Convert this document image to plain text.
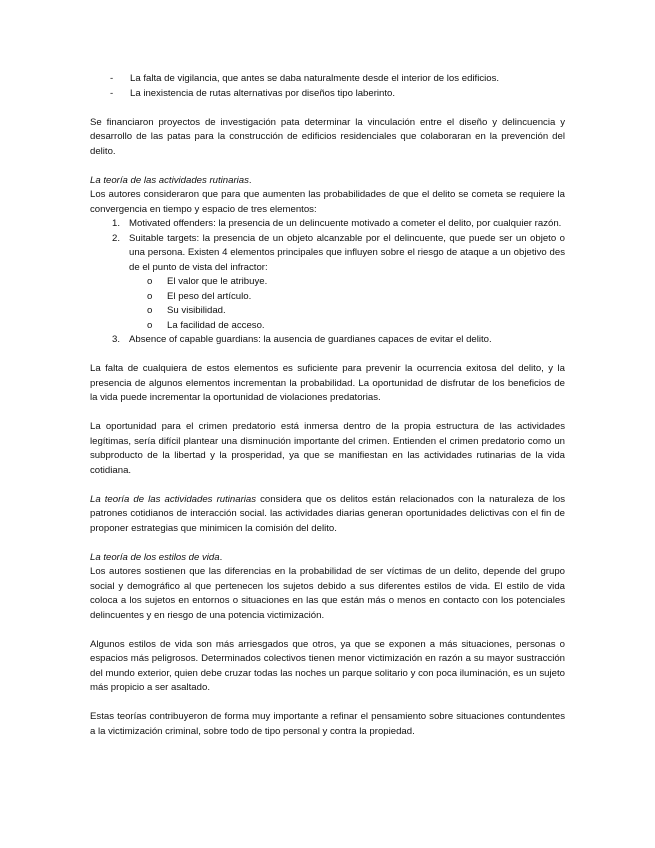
- La falta de vigilancia, que antes se daba naturalmente desde el interior de los edificios.
- La inexistencia de rutas alternativas por diseños tipo laberinto.

Se financiaron proyectos de investigación pata determinar la vinculación entre el diseño y delincuencia y desarrollo de las patas para la construcción de edificios residenciales que colaboraran en la prevención del delito.

La teoría de las actividades rutinarias.

Los autores consideraron que para que aumenten las probabilidades de que el delito se cometa se requiere la convergencia en tiempo y espacio de tres elementos:

1. Motivated offenders: la presencia de un delincuente motivado a cometer el delito, por cualquier razón.
2. Suitable targets: la presencia de un objeto alcanzable por el delincuente, que puede ser un objeto o una persona. Existen 4 elementos principales que influyen sobre el riesgo de ataque a un objetivo des de el punto de vista del infractor:
o El valor que le atribuye.
o El peso del artículo.
o Su visibilidad.
o La facilidad de acceso.
3. Absence of capable guardians: la ausencia de guardianes capaces de evitar el delito.

La falta de cualquiera de estos elementos es suficiente para prevenir la ocurrencia exitosa del delito, y la presencia de algunos elementos incrementan la probabilidad. La oportunidad de disfrutar de los beneficios de la vida puede incrementar la oportunidad de violaciones predatorias.

La oportunidad para el crimen predatorio está inmersa dentro de la propia estructura de las actividades legítimas, sería difícil plantear una disminución importante del crimen. Entienden el crimen predatorio como un subproducto de la libertad y la prosperidad, ya que se manifiestan en las actividades rutinarias de la vida cotidiana.

La teoría de las actividades rutinarias considera que os delitos están relacionados con la naturaleza de los patrones cotidianos de interacción social. las actividades diarias generan oportunidades delictivas con el fin de proponer estrategias que minimicen la comisión del delito.

La teoría de los estilos de vida.

Los autores sostienen que las diferencias en la probabilidad de ser víctimas de un delito, depende del grupo social y demográfico al que pertenecen los sujetos debido a sus diferentes estilos de vida. El estilo de vida coloca a los sujetos en entornos o situaciones en las que están más o menos en contacto con los potenciales delincuentes y en riesgo de una potencia victimización.

Algunos estilos de vida son más arriesgados que otros, ya que se exponen a más situaciones, personas o espacios más peligrosos. Determinados colectivos tienen menor victimización en razón a su mayor sustracción del mundo exterior, quien debe cruzar todas las noches un parque solitario y con poca iluminación, es un sujeto más propicio a ser asaltado.

Estas teorías contribuyeron de forma muy importante a refinar el pensamiento sobre situaciones contundentes a la victimización criminal, sobre todo de tipo personal y contra la propiedad.
